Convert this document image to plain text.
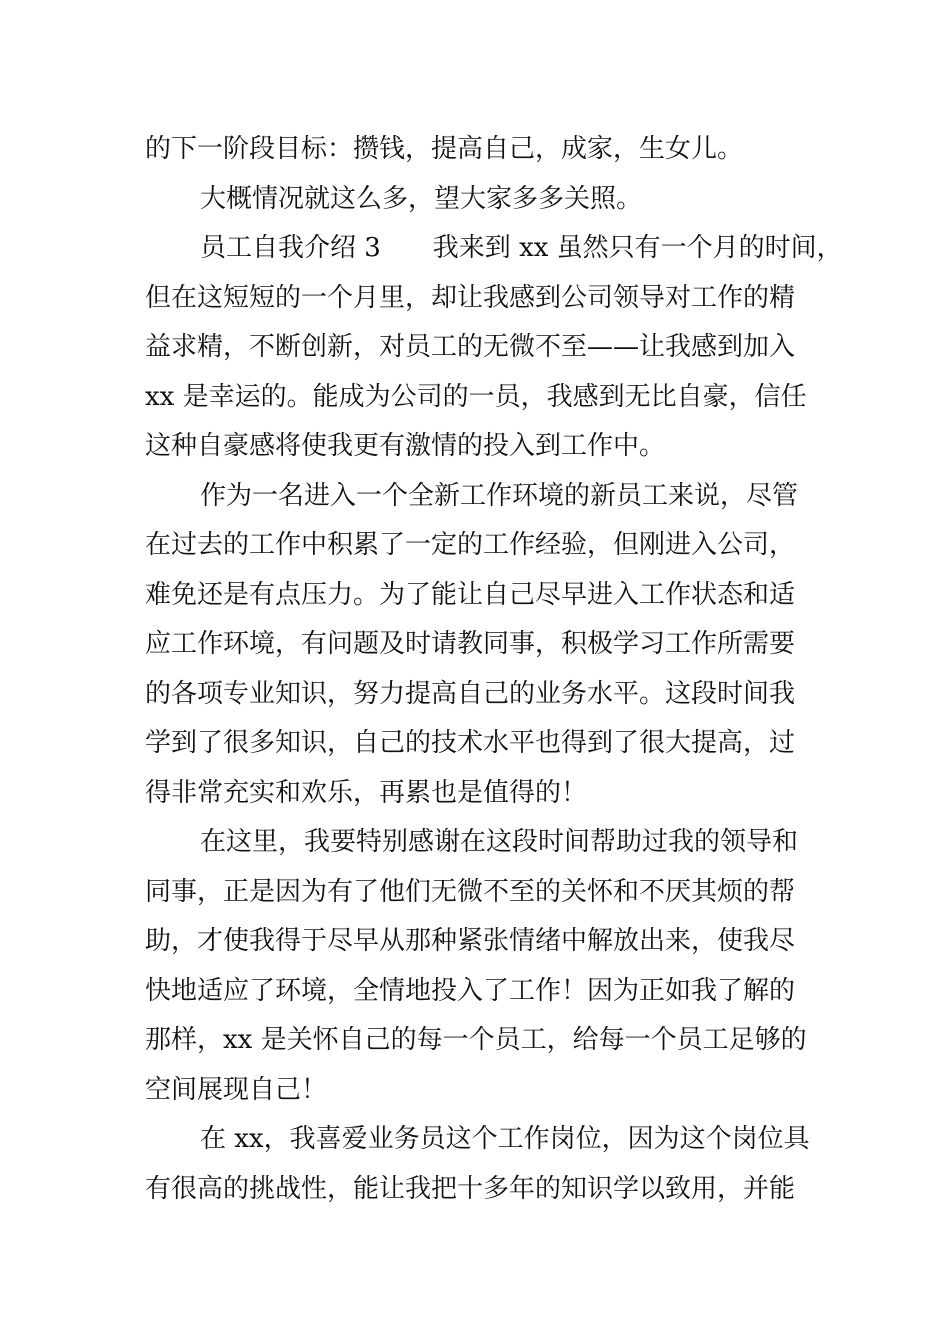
的下一阶段目标：攒钱，提高自己，成家，生女儿。
大概情况就这么多，望大家多多关照。
员工自我介绍 3　　我来到 xx 虽然只有一个月的时间，
但在这短短的一个月里，却让我感到公司领导对工作的精
益求精，不断创新，对员工的无微不至——让我感到加入
xx 是幸运的。能成为公司的一员，我感到无比自豪，信任
这种自豪感将使我更有激情的投入到工作中。
作为一名进入一个全新工作环境的新员工来说，尽管
在过去的工作中积累了一定的工作经验，但刚进入公司，
难免还是有点压力。为了能让自己尽早进入工作状态和适
应工作环境，有问题及时请教同事，积极学习工作所需要
的各项专业知识，努力提高自己的业务水平。这段时间我
学到了很多知识，自己的技术水平也得到了很大提高，过
得非常充实和欢乐，再累也是值得的！
在这里，我要特别感谢在这段时间帮助过我的领导和
同事，正是因为有了他们无微不至的关怀和不厌其烦的帮
助，才使我得于尽早从那种紧张情绪中解放出来，使我尽
快地适应了环境，全情地投入了工作！因为正如我了解的
那样，xx 是关怀自己的每一个员工，给每一个员工足够的
空间展现自己！
在 xx，我喜爱业务员这个工作岗位，因为这个岗位具
有很高的挑战性，能让我把十多年的知识学以致用，并能
